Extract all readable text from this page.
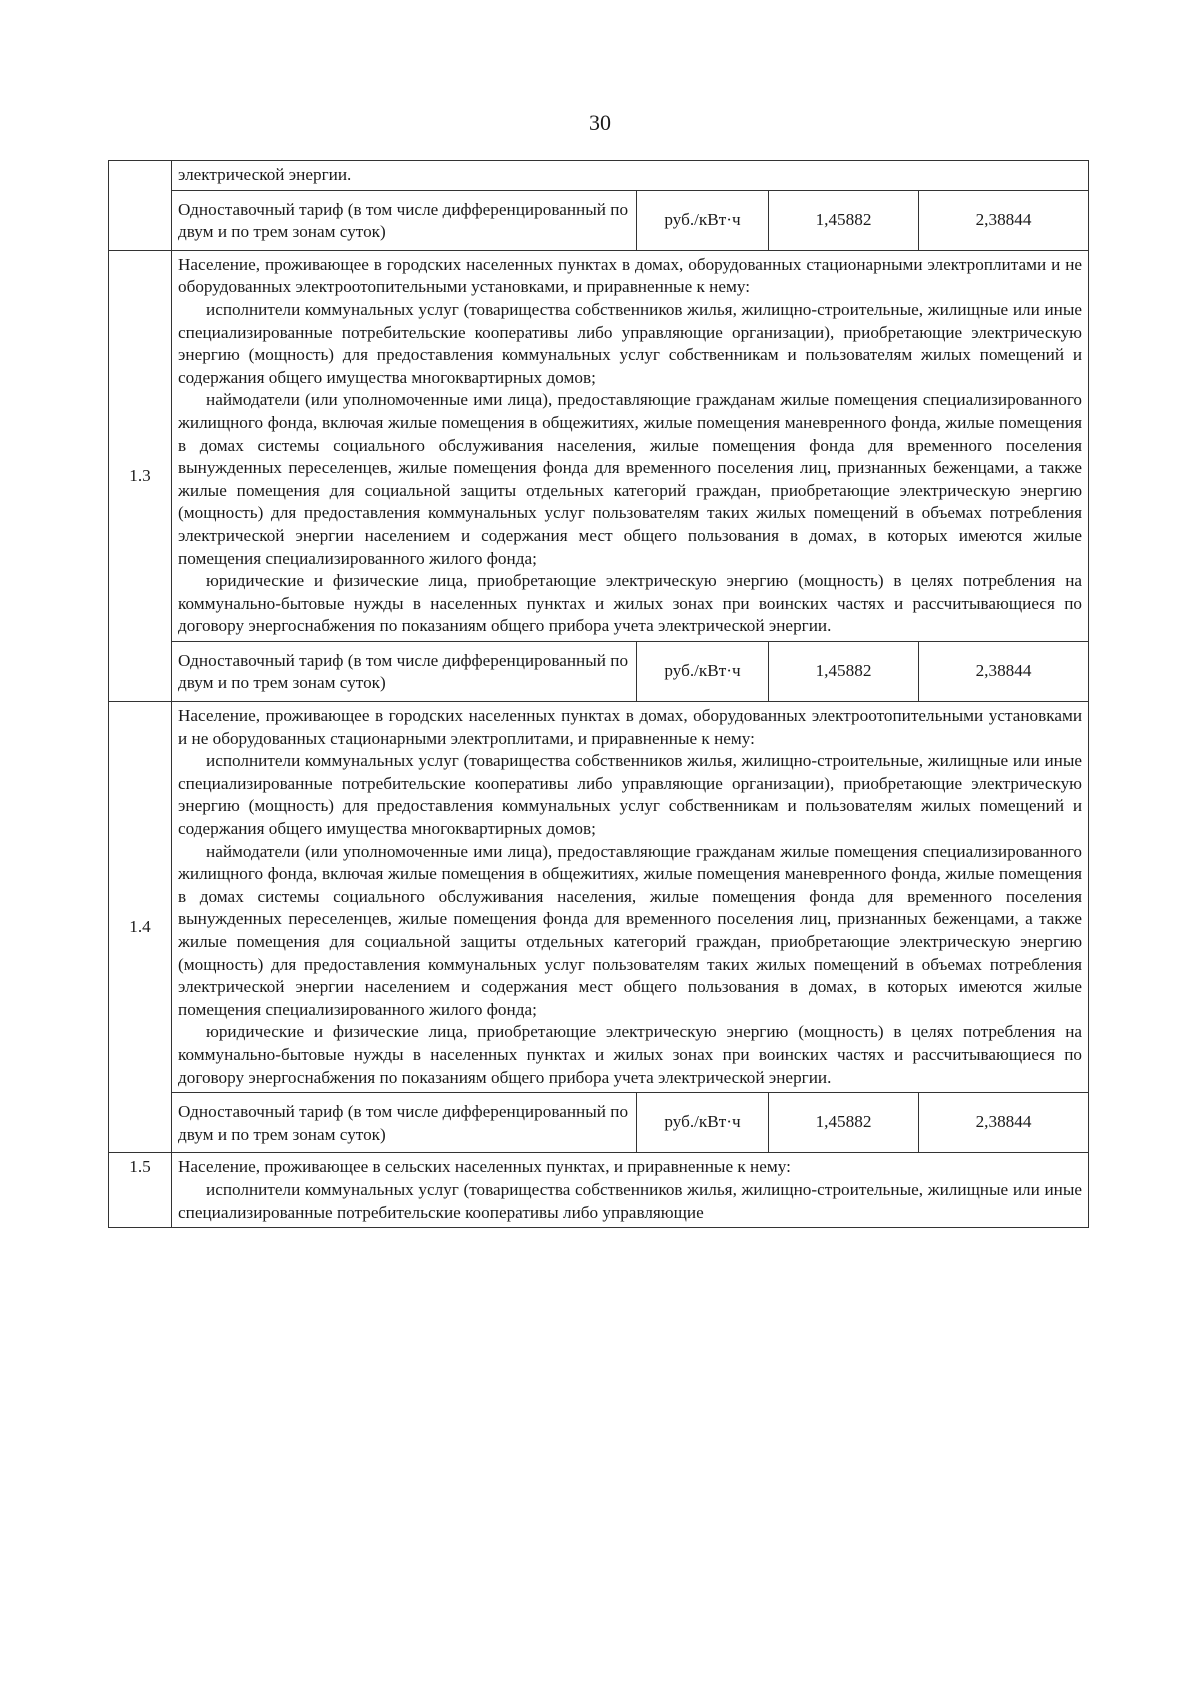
30

	электрической энергии.			

	Одноставочный тариф (в том числе дифференцированный по двум и по трем зонам суток)	руб./кВт·ч	1,45882	2,38844
1.3	Население, проживающее в городских населенных пунктах в домах, оборудованных стационарными электроплитами и не оборудованных электроотопительными установками, и приравненные к нему:

исполнители коммунальных услуг (товарищества собственников жилья, жилищно-строительные, жилищные или иные специализированные потребительские кооперативы либо управляющие организации), приобретающие электрическую энергию (мощность) для предоставления коммунальных услуг собственникам и пользователям жилых помещений и содержания общего имущества многоквартирных домов;

наймодатели (или уполномоченные ими лица), предоставляющие гражданам жилые помещения специализированного жилищного фонда, включая жилые помещения в общежитиях, жилые помещения маневренного фонда, жилые помещения в домах системы социального обслуживания населения, жилые помещения фонда для временного поселения вынужденных переселенцев, жилые помещения фонда для временного поселения лиц, признанных беженцами, а также жилые помещения для социальной защиты отдельных категорий граждан, приобретающие электрическую энергию (мощность) для предоставления коммунальных услуг пользователям таких жилых помещений в объемах потребления электрической энергии населением и содержания мест общего пользования в домах, в которых имеются жилые помещения специализированного жилого фонда;

юридические и физические лица, приобретающие электрическую энергию (мощность) в целях потребления на коммунально-бытовые нужды в населенных пунктах и жилых зонах при воинских частях и рассчитывающиеся по договору энергоснабжения по показаниям общего прибора учета электрической энергии.			

	Одноставочный тариф (в том числе дифференцированный по двум и по трем зонам суток)	руб./кВт·ч	1,45882	2,38844
1.4	Население, проживающее в городских населенных пунктах в домах, оборудованных электроотопительными установками и не оборудованных стационарными электроплитами, и приравненные к нему:

исполнители коммунальных услуг (товарищества собственников жилья, жилищно-строительные, жилищные или иные специализированные потребительские кооперативы либо управляющие организации), приобретающие электрическую энергию (мощность) для предоставления коммунальных услуг собственникам и пользователям жилых помещений и содержания общего имущества многоквартирных домов;

наймодатели (или уполномоченные ими лица), предоставляющие гражданам жилые помещения специализированного жилищного фонда, включая жилые помещения в общежитиях, жилые помещения маневренного фонда, жилые помещения в домах системы социального обслуживания населения, жилые помещения фонда для временного поселения вынужденных переселенцев, жилые помещения фонда для временного поселения лиц, признанных беженцами, а также жилые помещения для социальной защиты отдельных категорий граждан, приобретающие электрическую энергию (мощность) для предоставления коммунальных услуг пользователям таких жилых помещений в объемах потребления электрической энергии населением и содержания мест общего пользования в домах, в которых имеются жилые помещения специализированного жилого фонда;

юридические и физические лица, приобретающие электрическую энергию (мощность) в целях потребления на коммунально-бытовые нужды в населенных пунктах и жилых зонах при воинских частях и рассчитывающиеся по договору энергоснабжения по показаниям общего прибора учета электрической энергии.			

	Одноставочный тариф (в том числе дифференцированный по двум и по трем зонам суток)	руб./кВт·ч	1,45882	2,38844
1.5	Население, проживающее в сельских населенных пунктах, и приравненные к нему:

исполнители коммунальных услуг (товарищества собственников жилья, жилищно-строительные, жилищные или иные специализированные потребительские кооперативы либо управляющие			
